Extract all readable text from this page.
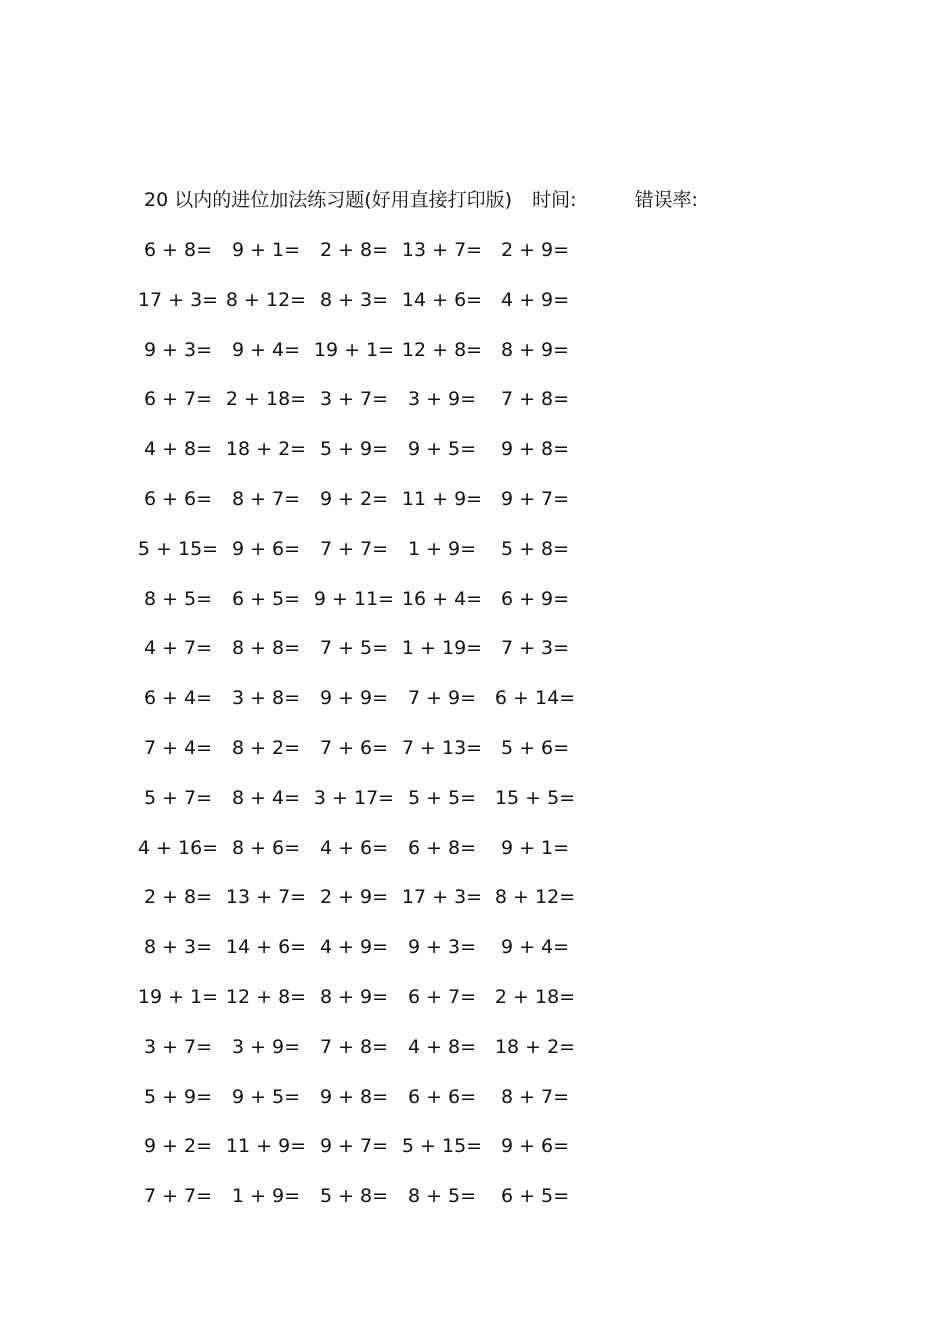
20 以内的进位加法练习题(好用直接打印版) 时间:	错误率:
6 + 8=	9 + 1=	2 + 8= 13 + 7= 2 + 9=
17 + 3= 8 + 12= 8 + 3= 14 + 6= 4 + 9=
9 + 3=	9 + 4= 19 + 1= 12 + 8= 8 + 9=
6 + 7= 2 + 18= 3 + 7=	3 + 9=	7 + 8=
4 + 8= 18 + 2= 5 + 9=	9 + 5=	9 + 8=
6 + 6=	8 + 7=	9 + 2= 11 + 9= 9 + 7=
5 + 15= 9 + 6=	7 + 7=	1 + 9=	5 + 8=
8 + 5=	6 + 5= 9 + 11= 16 + 4= 6 + 9=
4 + 7=	8 + 8=	7 + 5= 1 + 19= 7 + 3=
6 + 4=	3 + 8=	9 + 9=	7 + 9= 6 + 14=
7 + 4=	8 + 2=	7 + 6= 7 + 13= 5 + 6=
5 + 7=	8 + 4= 3 + 17= 5 + 5= 15 + 5=
4 + 16= 8 + 6=	4 + 6=	6 + 8=	9 + 1=
2 + 8= 13 + 7= 2 + 9= 17 + 3= 8 + 12=
8 + 3= 14 + 6= 4 + 9=	9 + 3=	9 + 4=
19 + 1= 12 + 8= 8 + 9=	6 + 7= 2 + 18=
3 + 7=	3 + 9=	7 + 8=	4 + 8= 18 + 2=
5 + 9=	9 + 5=	9 + 8=	6 + 6=	8 + 7=
9 + 2= 11 + 9= 9 + 7= 5 + 15= 9 + 6=
7 + 7=	1 + 9=	5 + 8=	8 + 5=	6 + 5=
